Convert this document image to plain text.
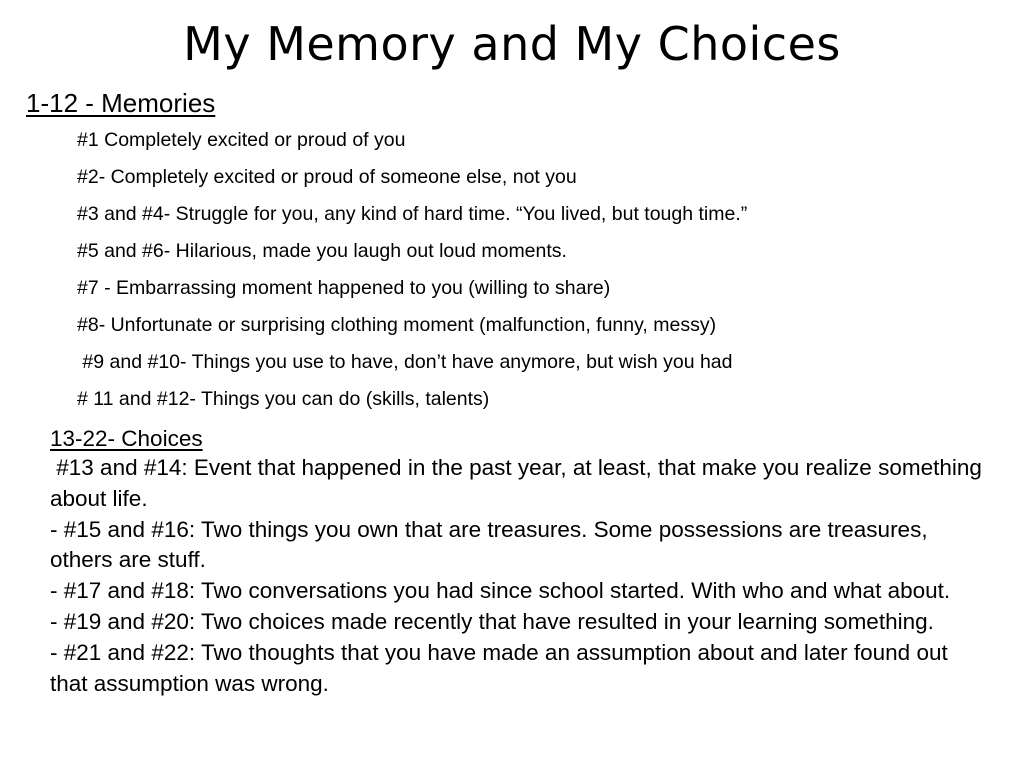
My Memory and My Choices
1-12 - Memories
#1 Completely excited or proud of you
#2- Completely excited or proud of someone else, not you
#3 and #4- Struggle for you, any kind of hard time. “You lived, but tough time.”
#5 and #6- Hilarious, made you laugh out loud moments.
#7 - Embarrassing moment happened to you (willing to share)
#8- Unfortunate or surprising clothing moment (malfunction, funny, messy)
#9 and #10- Things you use to have, don’t have anymore, but wish you had
# 11 and #12- Things you can do (skills, talents)
13-22- Choices

#13 and #14: Event that happened in the past year, at least, that make you realize something about life.

- #15 and #16: Two things you own that are treasures. Some possessions are treasures, others are stuff.

- #17 and #18: Two conversations you had since school started. With who and what about.

- #19 and #20: Two choices made recently that have resulted in your learning something.

- #21 and #22: Two thoughts that you have made an assumption about and later found out that assumption was wrong.
